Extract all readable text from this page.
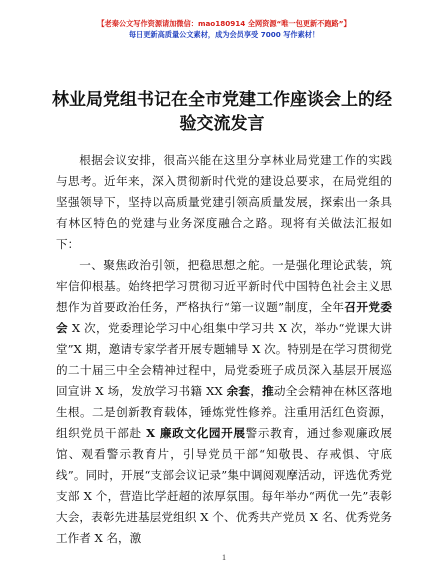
【老秦公文写作资源请加微信：mao180914 全网资源“唯一包更新不跑路”】
每日更新高质量公文素材，成为会员享受 7000 写作素材！
林业局党组书记在全市党建工作座谈会上的经验交流发言

根据会议安排，很高兴能在这里分享林业局党建工作的实践与思考。近年来，深入贯彻新时代党的建设总要求，在局党组的坚强领导下，坚持以高质量党建引领高质量发展，探索出一条具有林区特色的党建与业务深度融合之路。现将有关做法汇报如下：

一、聚焦政治引领，把稳思想之舵。一是强化理论武装，筑牢信仰根基。始终把学习贯彻习近平新时代中国特色社会主义思想作为首要政治任务，严格执行“第一议题”制度，全年召开党委会 X 次，党委理论学习中心组集中学习共 X 次，举办“党课大讲堂”X 期，邀请专家学者开展专题辅导 X 次。特别是在学习贯彻党的二十届三中全会精神过程中，局党委班子成员深入基层开展巡回宣讲 X 场，发放学习书籍 XX 余套，推动全会精神在林区落地生根。二是创新教育载体，锤炼党性修养。注重用活红色资源，组织党员干部赴 X 廉政文化园开展警示教育，通过参观廉政展馆、观看警示教育片，引导党员干部“知敬畏、存戒惧、守底线”。同时，开展“支部会议记录”集中调阅观摩活动，评选优秀党支部 X 个，营造比学赶超的浓厚氛围。每年举办“两优一先”表彰大会，表彰先进基层党组织 X 个、优秀共产党员 X 名、优秀党务工作者 X 名，激

1
